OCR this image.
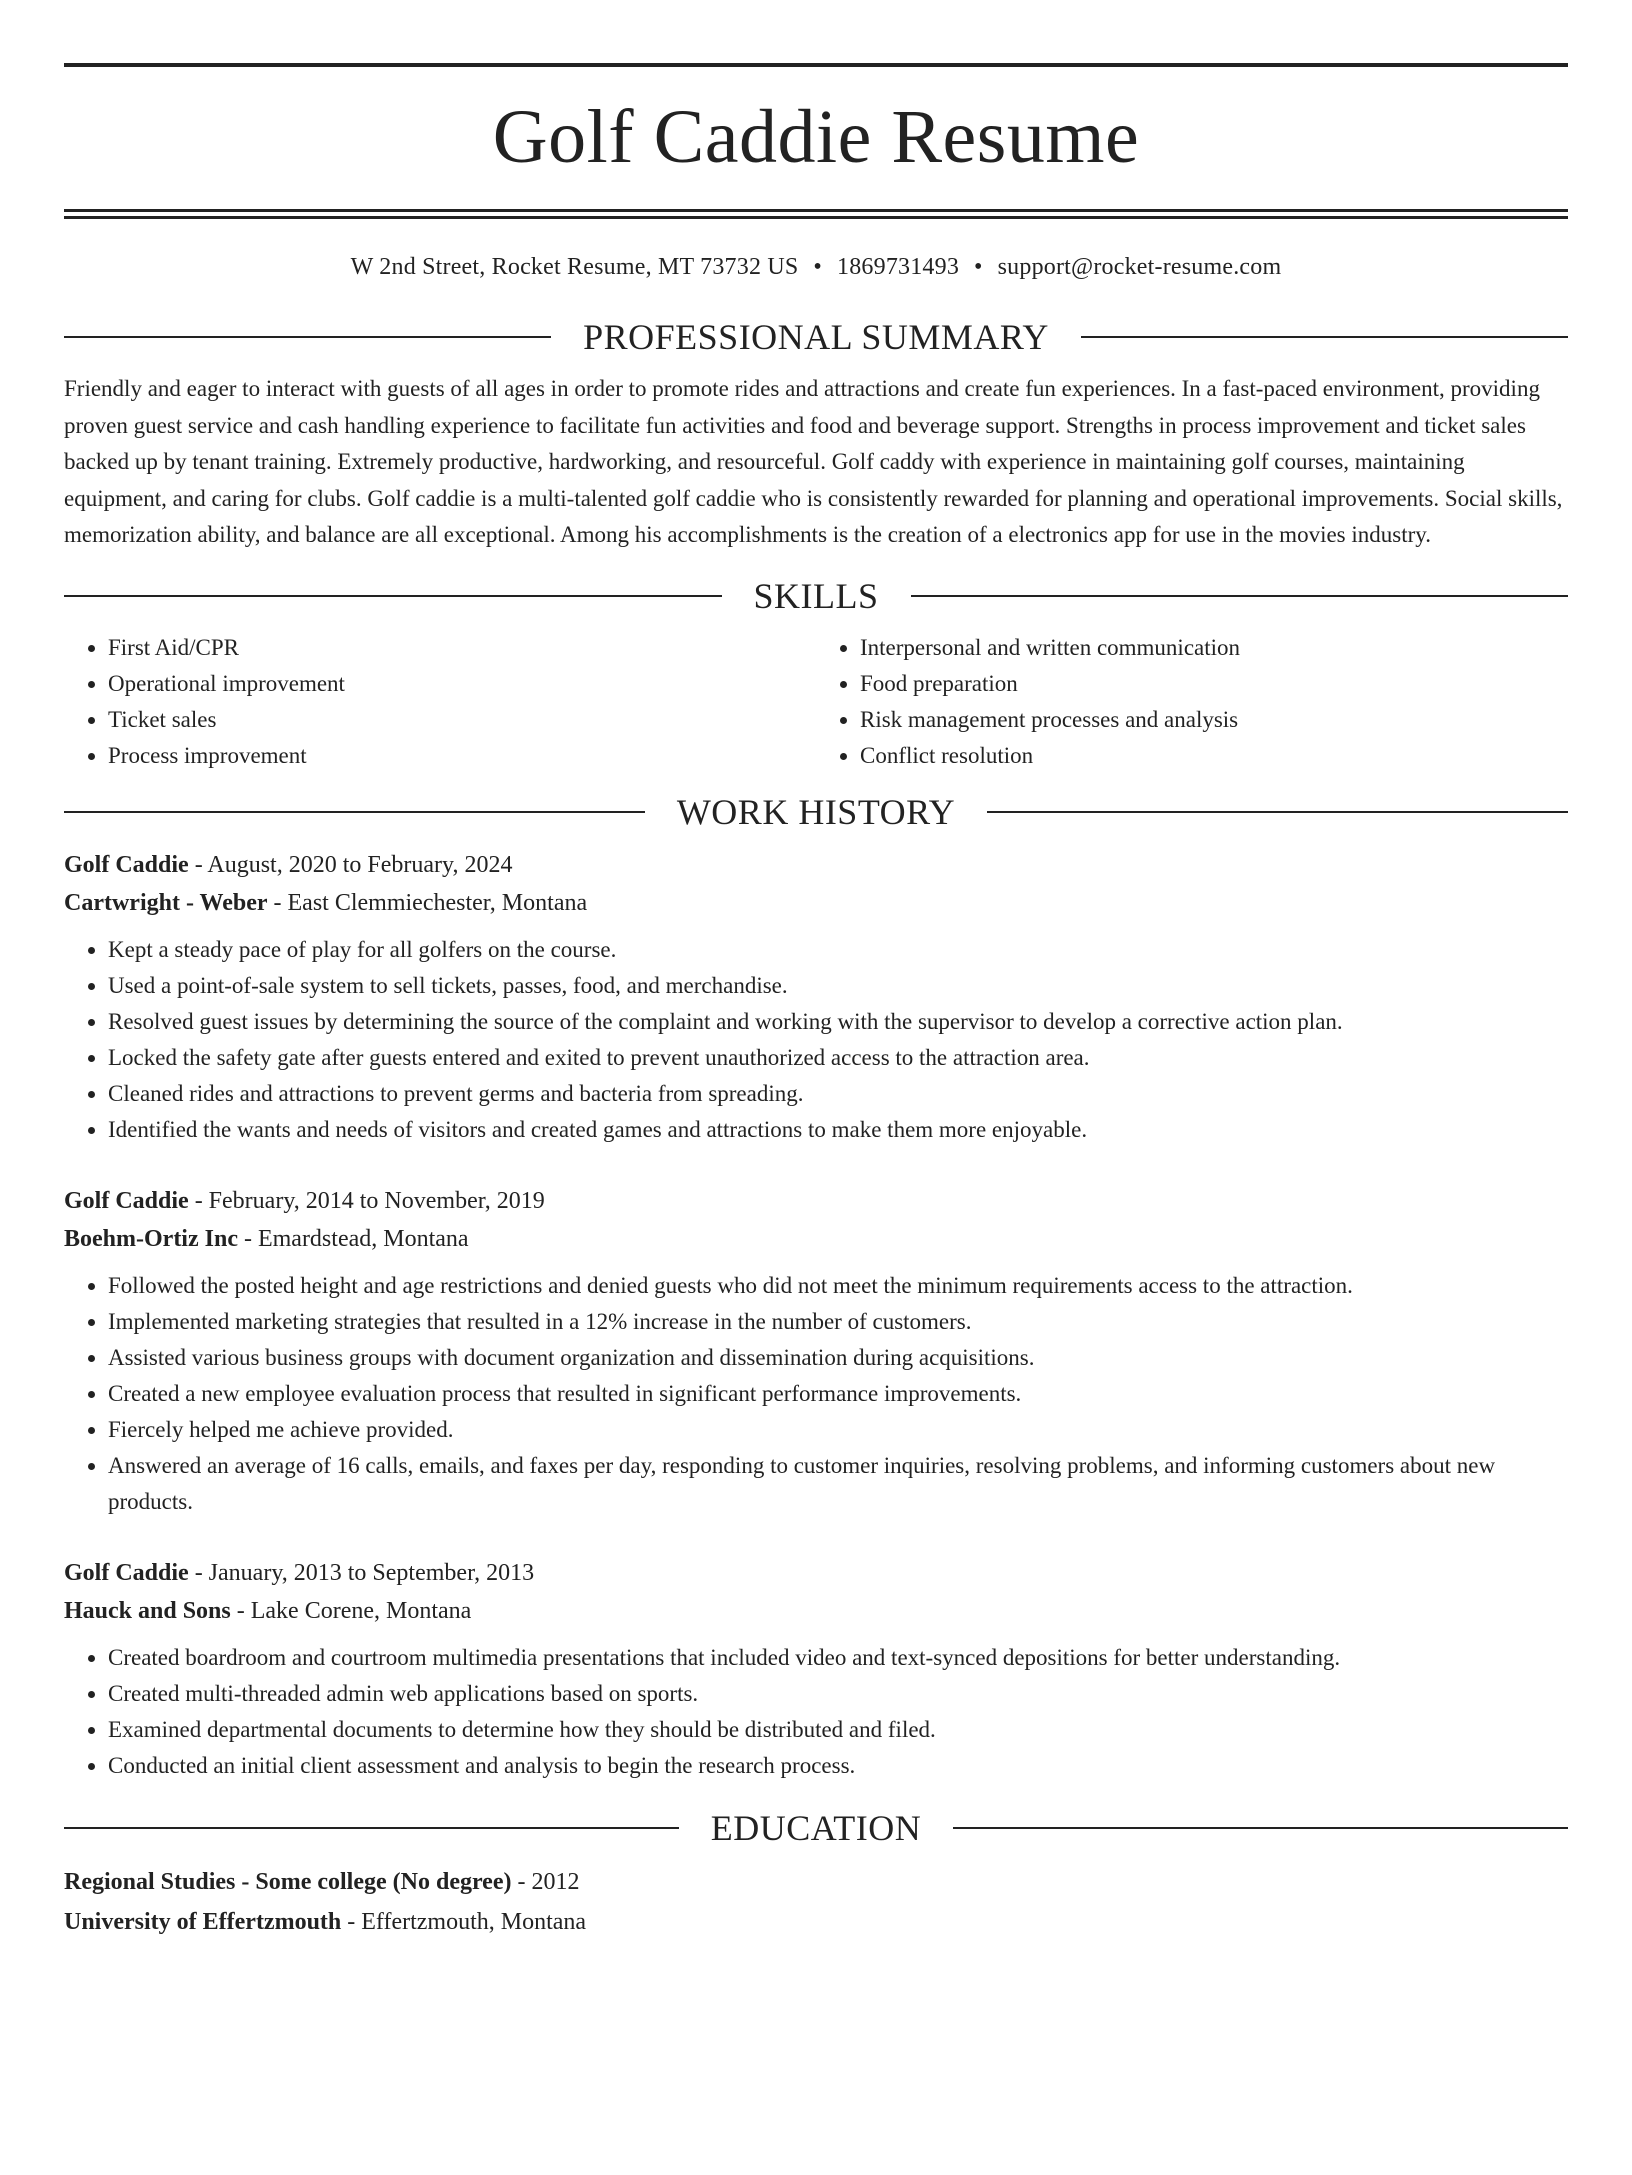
Golf Caddie Resume
W 2nd Street, Rocket Resume, MT 73732 US • 1869731493 • support@rocket-resume.com
PROFESSIONAL SUMMARY
Friendly and eager to interact with guests of all ages in order to promote rides and attractions and create fun experiences. In a fast-paced environment, providing proven guest service and cash handling experience to facilitate fun activities and food and beverage support. Strengths in process improvement and ticket sales backed up by tenant training. Extremely productive, hardworking, and resourceful. Golf caddy with experience in maintaining golf courses, maintaining equipment, and caring for clubs. Golf caddie is a multi-talented golf caddie who is consistently rewarded for planning and operational improvements. Social skills, memorization ability, and balance are all exceptional. Among his accomplishments is the creation of a electronics app for use in the movies industry.
SKILLS
• First Aid/CPR
• Operational improvement
• Ticket sales
• Process improvement
• Interpersonal and written communication
• Food preparation
• Risk management processes and analysis
• Conflict resolution
WORK HISTORY
Golf Caddie - August, 2020 to February, 2024
Cartwright - Weber - East Clemmiechester, Montana
• Kept a steady pace of play for all golfers on the course.
• Used a point-of-sale system to sell tickets, passes, food, and merchandise.
• Resolved guest issues by determining the source of the complaint and working with the supervisor to develop a corrective action plan.
• Locked the safety gate after guests entered and exited to prevent unauthorized access to the attraction area.
• Cleaned rides and attractions to prevent germs and bacteria from spreading.
• Identified the wants and needs of visitors and created games and attractions to make them more enjoyable.
Golf Caddie - February, 2014 to November, 2019
Boehm-Ortiz Inc - Emardstead, Montana
• Followed the posted height and age restrictions and denied guests who did not meet the minimum requirements access to the attraction.
• Implemented marketing strategies that resulted in a 12% increase in the number of customers.
• Assisted various business groups with document organization and dissemination during acquisitions.
• Created a new employee evaluation process that resulted in significant performance improvements.
• Fiercely helped me achieve provided.
• Answered an average of 16 calls, emails, and faxes per day, responding to customer inquiries, resolving problems, and informing customers about new products.
Golf Caddie - January, 2013 to September, 2013
Hauck and Sons - Lake Corene, Montana
• Created boardroom and courtroom multimedia presentations that included video and text-synced depositions for better understanding.
• Created multi-threaded admin web applications based on sports.
• Examined departmental documents to determine how they should be distributed and filed.
• Conducted an initial client assessment and analysis to begin the research process.
EDUCATION
Regional Studies - Some college (No degree) - 2012
University of Effertzmouth - Effertzmouth, Montana
